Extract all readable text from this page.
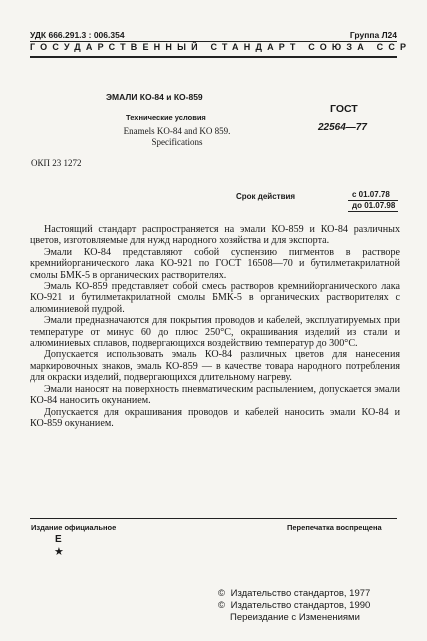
УДК 666.291.3 : 006.354	Группа Л24
ГОСУДАРСТВЕННЫЙ СТАНДАРТ СОЮЗА ССР
ЭМАЛИ КО-84 и КО-859
Технические условия
Enamels KO-84 and KO 859.
Specifications
ГОСТ
22564—77
ОКП 23 1272
Срок действия	с 01.07.78
до 01.07.98

Настоящий стандарт распространяется на эмали КО-859 и КО-84 различных цветов, изготовляемые для нужд народного хозяйства и для экспорта.

Эмали КО-84 представляют собой суспензию пигментов в растворе кремнийорганического лака КО-921 по ГОСТ 16508—70 и бутилметакрилатной смолы БМК-5 в органических растворителях.

Эмаль КО-859 представляет собой смесь растворов кремнийорганического лака КО-921 и бутилметакрилатной смолы БМК-5 в органических растворителях с алюминиевой пудрой.

Эмали предназначаются для покрытия проводов и кабелей, эксплуатируемых при температуре от минус 60 до плюс 250°С, окрашивания изделий из стали и алюминиевых сплавов, подвергающихся воздействию температур до 300°С.

Допускается использовать эмаль КО-84 различных цветов для нанесения маркировочных знаков, эмаль КО-859 — в качестве товара народного потребления для окраски изделий, подвергающихся длительному нагреву.

Эмали наносят на поверхность пневматическим распылением, допускается эмали КО-84 наносить окунанием.

Допускается для окрашивания проводов и кабелей наносить эмали КО-84 и КО-859 окунанием.

Издание официальное	Перепечатка воспрещена
Е
★
© Издательство стандартов, 1977
© Издательство стандартов, 1990
Переиздание с Изменениями
